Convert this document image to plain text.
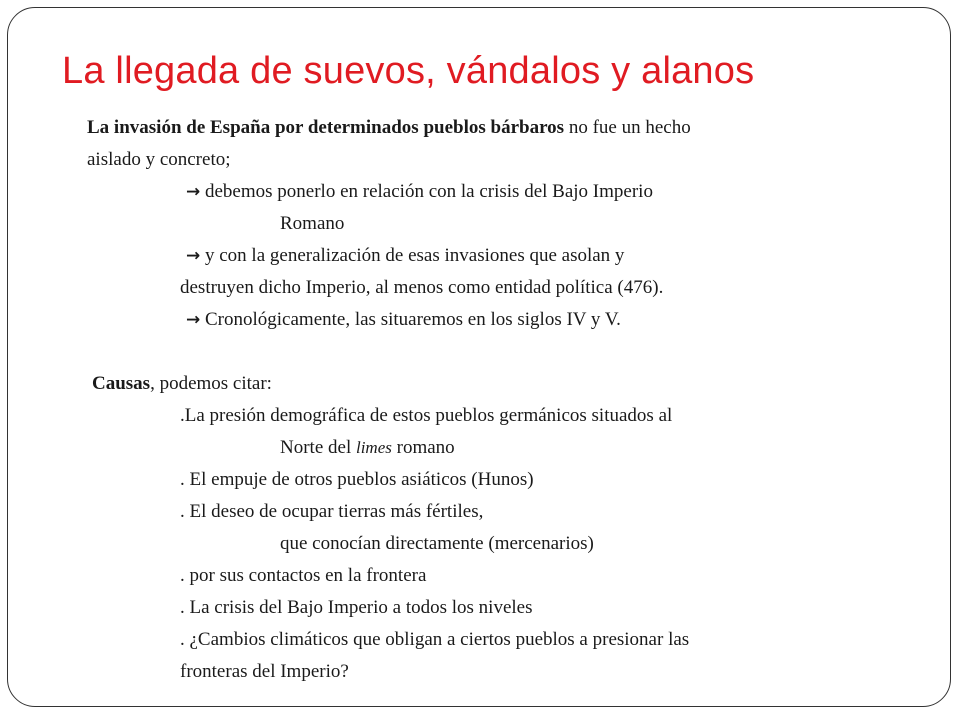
La llegada de suevos, vándalos y alanos
La invasión de España por determinados pueblos bárbaros no fue un hecho
aislado y concreto;
→ debemos ponerlo en relación con la crisis del Bajo Imperio
Romano
→ y con la generalización de esas invasiones que asolan y
destruyen dicho Imperio, al menos como entidad política (476).
→ Cronológicamente, las situaremos en los siglos IV y V.
Causas, podemos citar:
.La presión demográfica de estos pueblos germánicos situados al
Norte del limes romano
. El empuje de otros pueblos asiáticos (Hunos)
. El deseo de ocupar tierras más fértiles,
que conocían directamente (mercenarios)
. por sus contactos en la frontera
. La crisis del Bajo Imperio a todos los niveles
. ¿Cambios climáticos que obligan a ciertos pueblos a presionar las
fronteras del Imperio?
